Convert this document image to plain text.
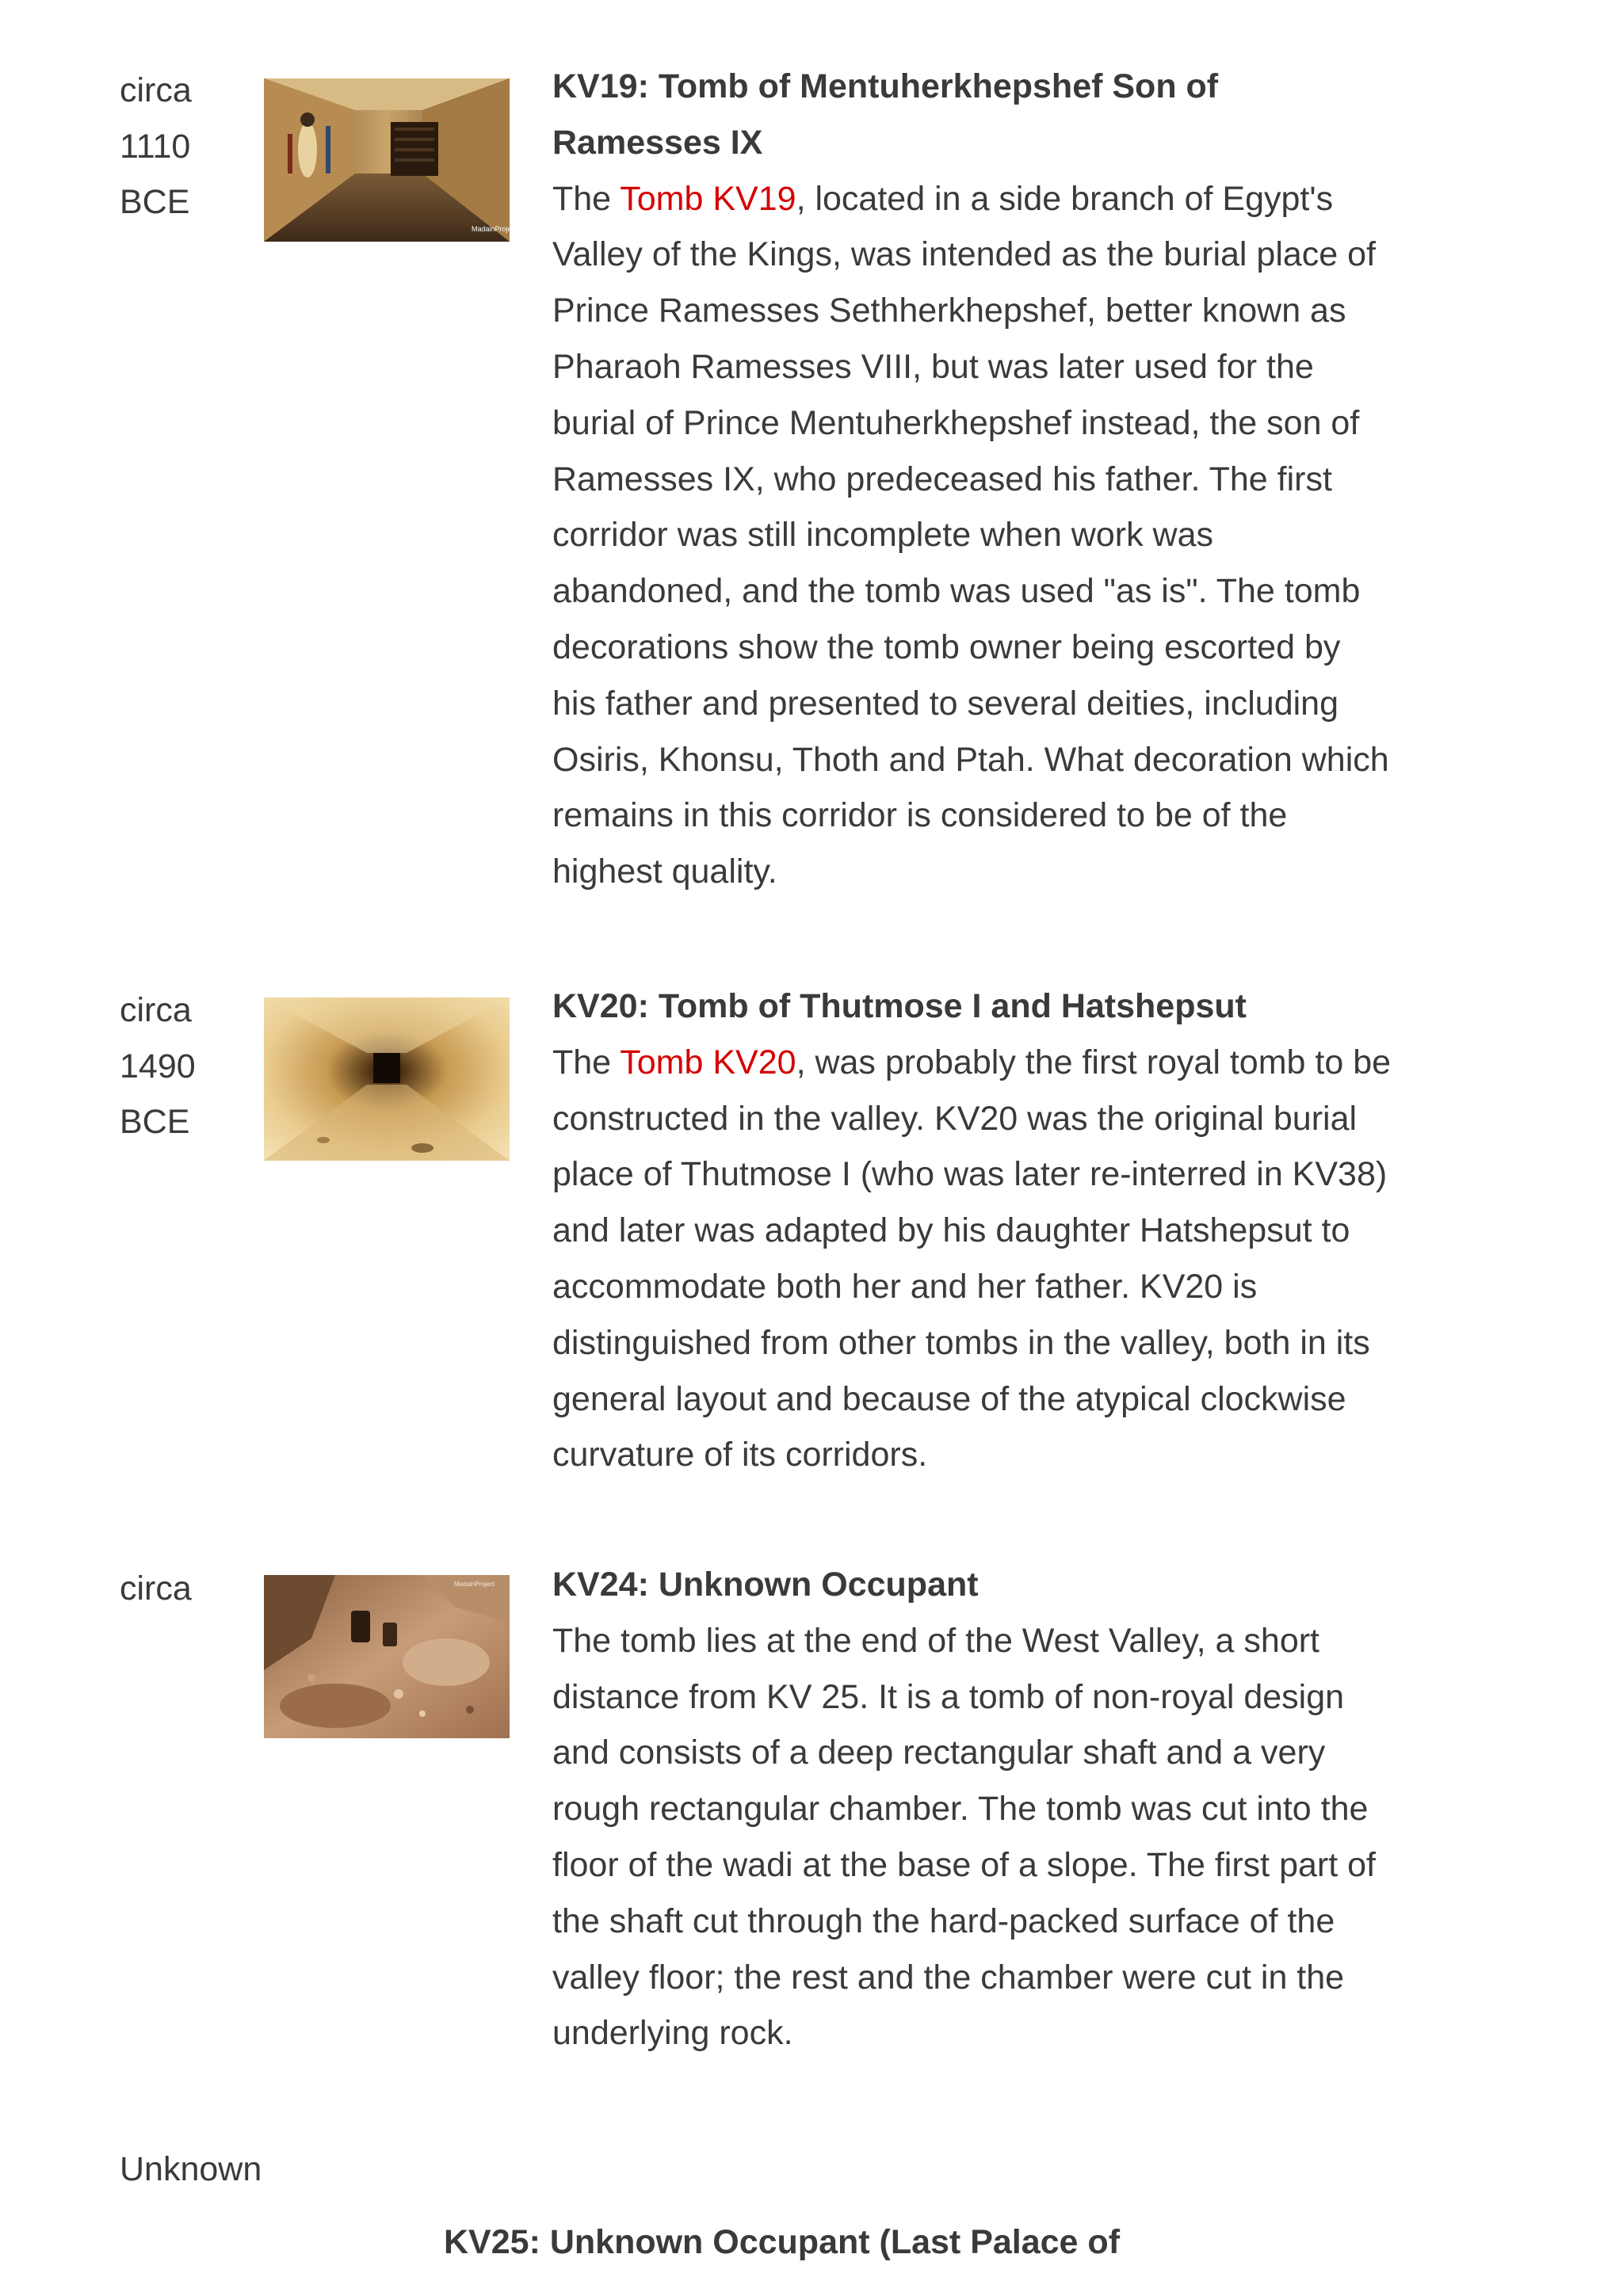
circa
1110
BCE
MadainProject
KV19: Tomb of Mentuherkhepshef Son of Ramesses IX
The Tomb KV19, located in a side branch of Egypt's Valley of the Kings, was intended as the burial place of Prince Ramesses Sethherkhepshef, better known as Pharaoh Ramesses VIII, but was later used for the burial of Prince Mentuherkhepshef instead, the son of Ramesses IX, who predeceased his father. The first corridor was still incomplete when work was abandoned, and the tomb was used "as is". The tomb decorations show the tomb owner being escorted by his father and presented to several deities, including Osiris, Khonsu, Thoth and Ptah. What decoration which remains in this corridor is considered to be of the highest quality.
circa
1490
BCE
KV20: Tomb of Thutmose I and Hatshepsut
The Tomb KV20, was probably the first royal tomb to be constructed in the valley. KV20 was the original burial place of Thutmose I (who was later re-interred in KV38) and later was adapted by his daughter Hatshepsut to accommodate both her and her father. KV20 is distinguished from other tombs in the valley, both in its general layout and because of the atypical clockwise curvature of its corridors.
circa	MadainProject KV24: Unknown Occupant
The tomb lies at the end of the West Valley, a short distance from KV 25. It is a tomb of non-royal design and consists of a deep rectangular shaft and a very rough rectangular chamber. The tomb was cut into the floor of the wadi at the base of a slope. The first part of the shaft cut through the hard-packed surface of the valley floor; the rest and the chamber were cut in the underlying rock.
Unknown
KV25: Unknown Occupant (Last Palace of
